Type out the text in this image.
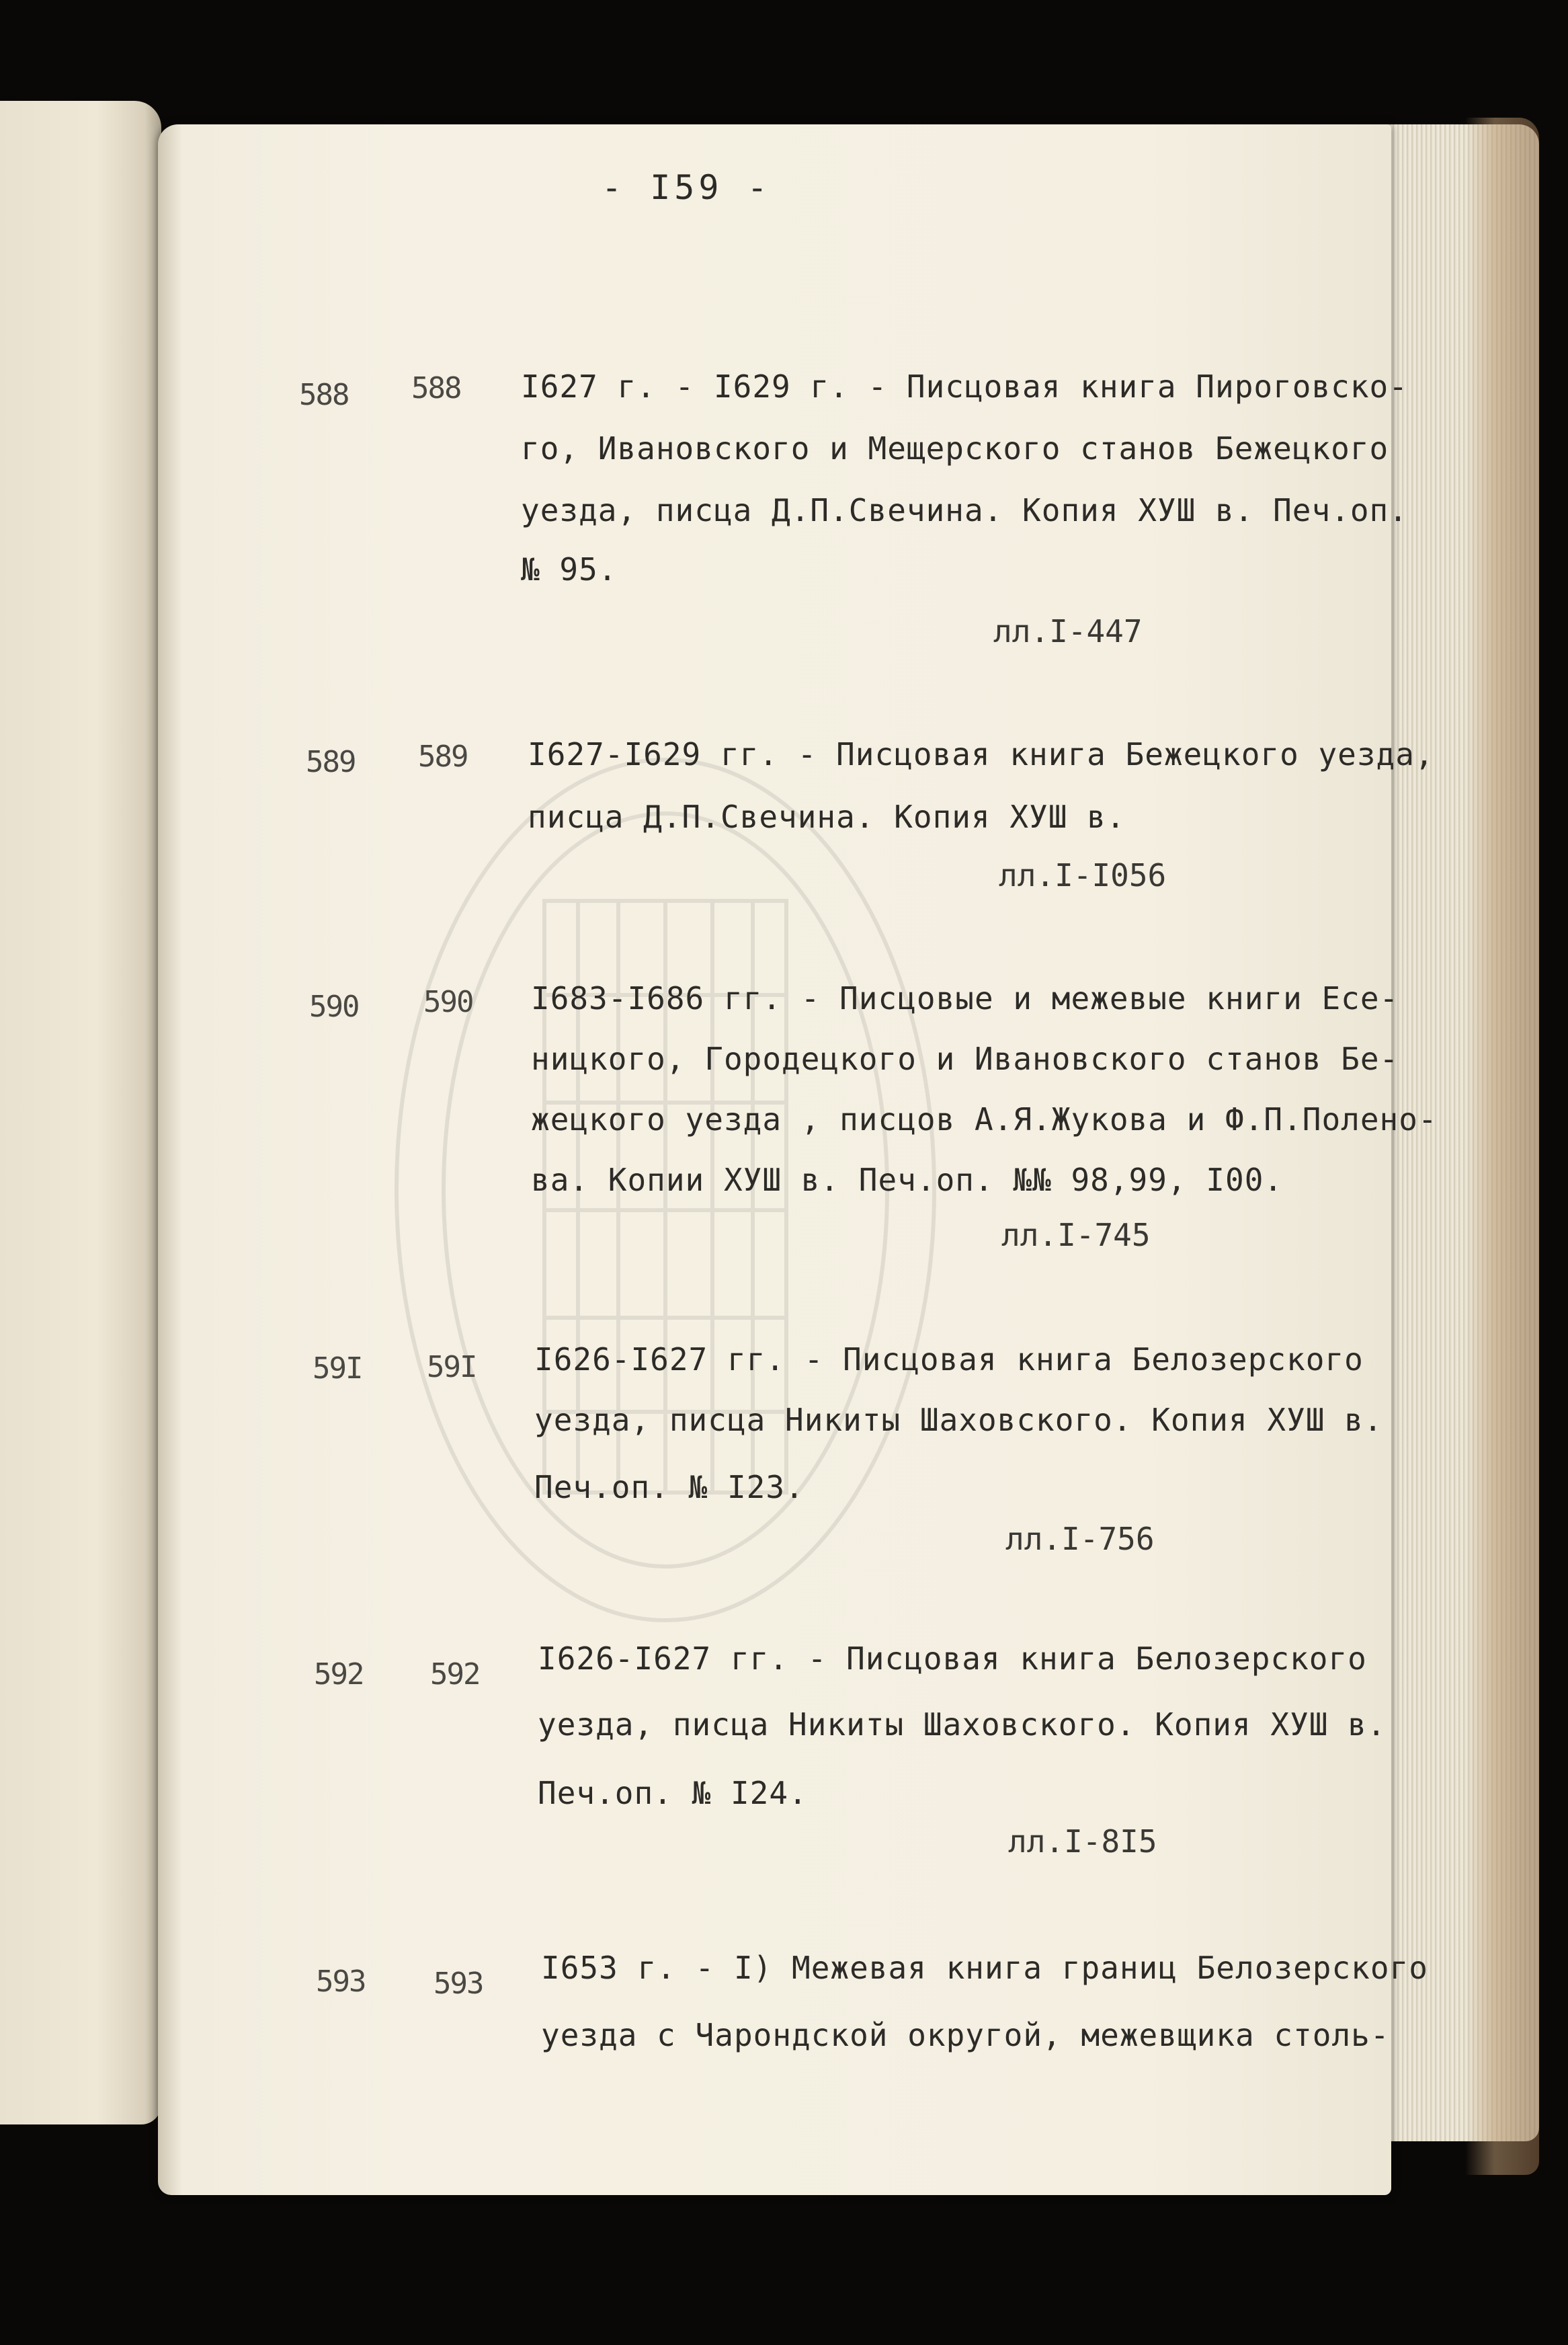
- I59 -
588 588 I627 г. - I629 г. - Писцовая книга Пироговско-
го, Ивановского и Мещерского станов Бежецкого
уезда, писца Д.П.Свечина. Копия ХУШ в. Печ.оп.
№ 95.
лл.I-447
589 589 I627-I629 гг. - Писцовая книга Бежецкого уезда,
писца Д.П.Свечина. Копия ХУШ в.
лл.I-I056
590 590 I683-I686 гг. - Писцовые и межевые книги Есе-
ницкого, Городецкого и Ивановского станов Бе-
жецкого уезда , писцов А.Я.Жукова и Ф.П.Полено-
ва. Копии ХУШ в. Печ.оп. №№ 98,99, I00.
лл.I-745
59I 59I I626-I627 гг. - Писцовая книга Белозерского
уезда, писца Никиты Шаховского. Копия ХУШ в.
Печ.оп. № I23.
лл.I-756
592 592 I626-I627 гг. - Писцовая книга Белозерского
уезда, писца Никиты Шаховского. Копия ХУШ в.
Печ.оп. № I24.
лл.I-8I5
593 593 I653 г. - I) Межевая книга границ Белозерского
уезда с Чарондской округой, межевщика столь-
